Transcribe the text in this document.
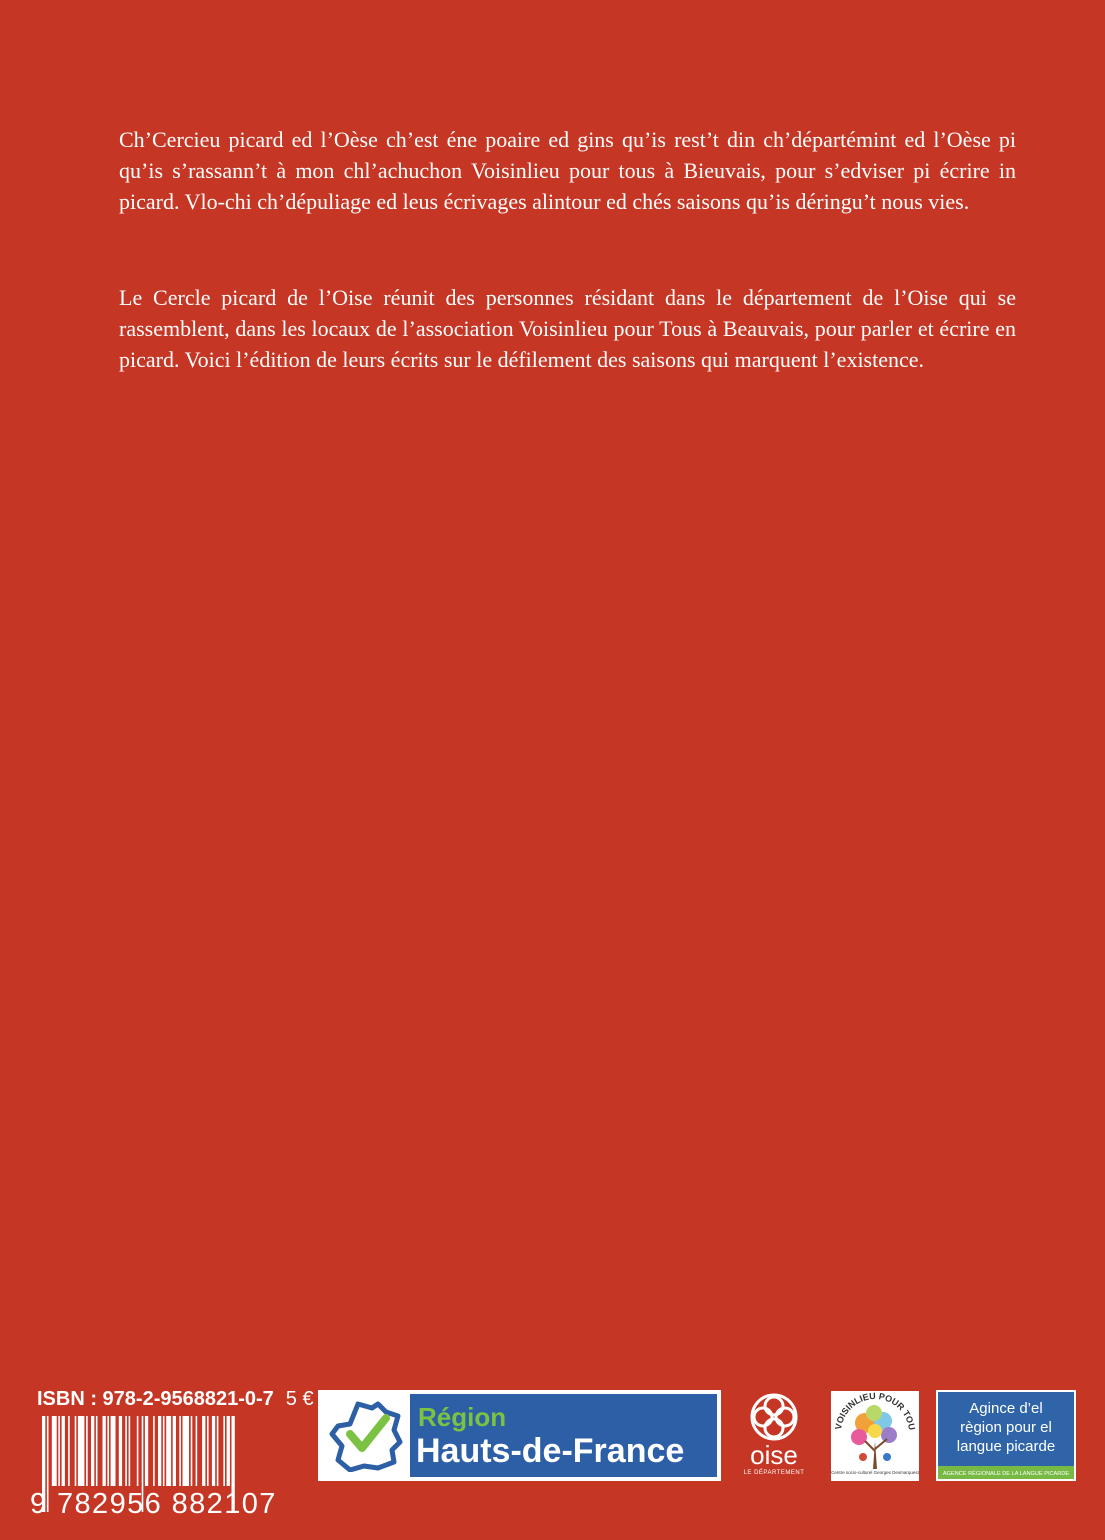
Ch’Cercieu picard ed l’Oèse ch’est éne poaire ed gins qu’is rest’t din ch’départémint ed l’Oèse pi qu’is s’rassann’t à mon chl’achuchon Voisinlieu pour tous à Bieuvais, pour s’edviser pi écrire in picard. Vlo-chi ch’dépuliage ed leus écrivages alintour ed chés saisons qu’is déringu’t nous vies.

Le Cercle picard de l’Oise réunit des personnes résidant dans le département de l’Oise qui se rassemblent, dans les locaux de l’association Voisinlieu pour Tous à Beauvais, pour parler et écrire en picard. Voici l’édition de leurs écrits sur le défilement des saisons qui marquent l’existence.

ISBN : 978-2-9568821-0-7 5 €
9 782956 882107
Région
Hauts-de-France	oise
LE DÉPARTEMENT
VOISINLIEU POUR TOU
Centre socio-culturel Georges Desmarquest
Agince d’el
règion pour el
langue picarde
AGENCE RÉGIONALE DE LA LANGUE PICARDE
